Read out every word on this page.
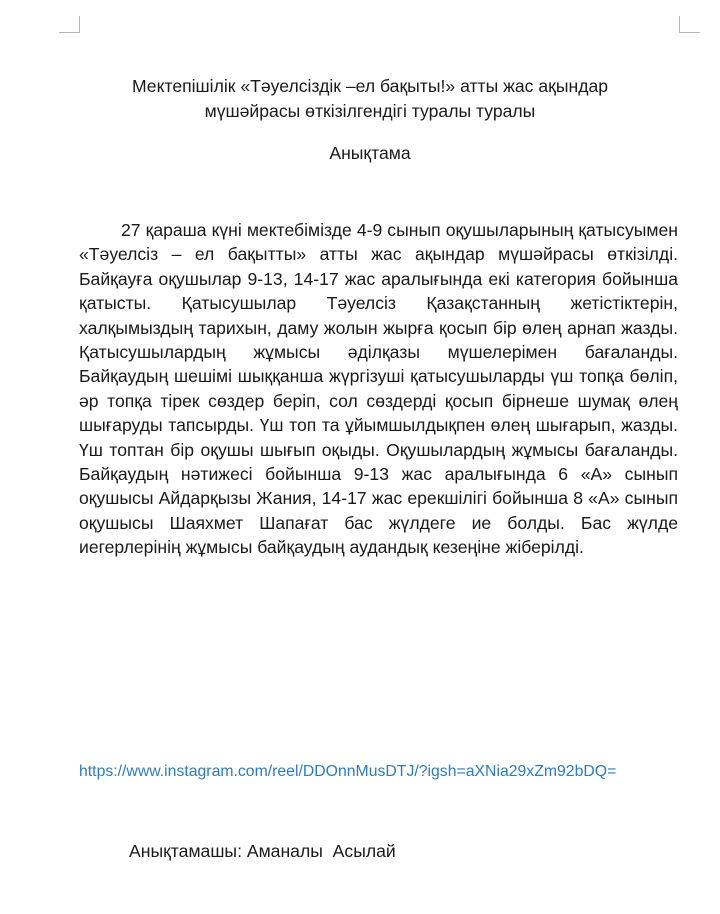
Мектепішілік «Тәуелсіздік –ел бақыты!» атты жас ақындар
мүшәйрасы өткізілгендігі туралы туралы
Анықтама

27 қараша күні мектебімізде 4-9 сынып оқушыларының қатысуымен «Тәуелсіз – ел бақытты» атты жас ақындар мүшәйрасы өткізілді. Байқауға оқушылар 9-13, 14-17 жас аралығында екі категория бойынша қатысты. Қатысушылар Тәуелсіз Қазақстанның жетістіктерін, халқымыздың тарихын, даму жолын жырға қосып бір өлең арнап жазды. Қатысушылардың жұмысы әділқазы мүшелерімен бағаланды. Байқаудың шешімі шыққанша жүргізуші қатысушыларды үш топқа бөліп, әр топқа тірек сөздер беріп, сол сөздерді қосып бірнеше шумақ өлең шығаруды тапсырды. Үш топ та ұйымшылдықпен өлең шығарып, жазды. Үш топтан бір оқушы шығып оқыды. Оқушылардың жұмысы бағаланды. Байқаудың нәтижесі бойынша 9-13 жас аралығында 6 «А» сынып оқушысы Айдарқызы Жания, 14-17 жас ерекшілігі бойынша 8 «А» сынып оқушысы Шаяхмет Шапағат бас жүлдеге ие болды. Бас жүлде иегерлерінің жұмысы байқаудың аудандық кезеңіне жіберілді.

https://www.instagram.com/reel/DDOnnMusDTJ/?igsh=aXNia29xZm92bDQ=
Анықтамашы: Аманалы  Асылай
